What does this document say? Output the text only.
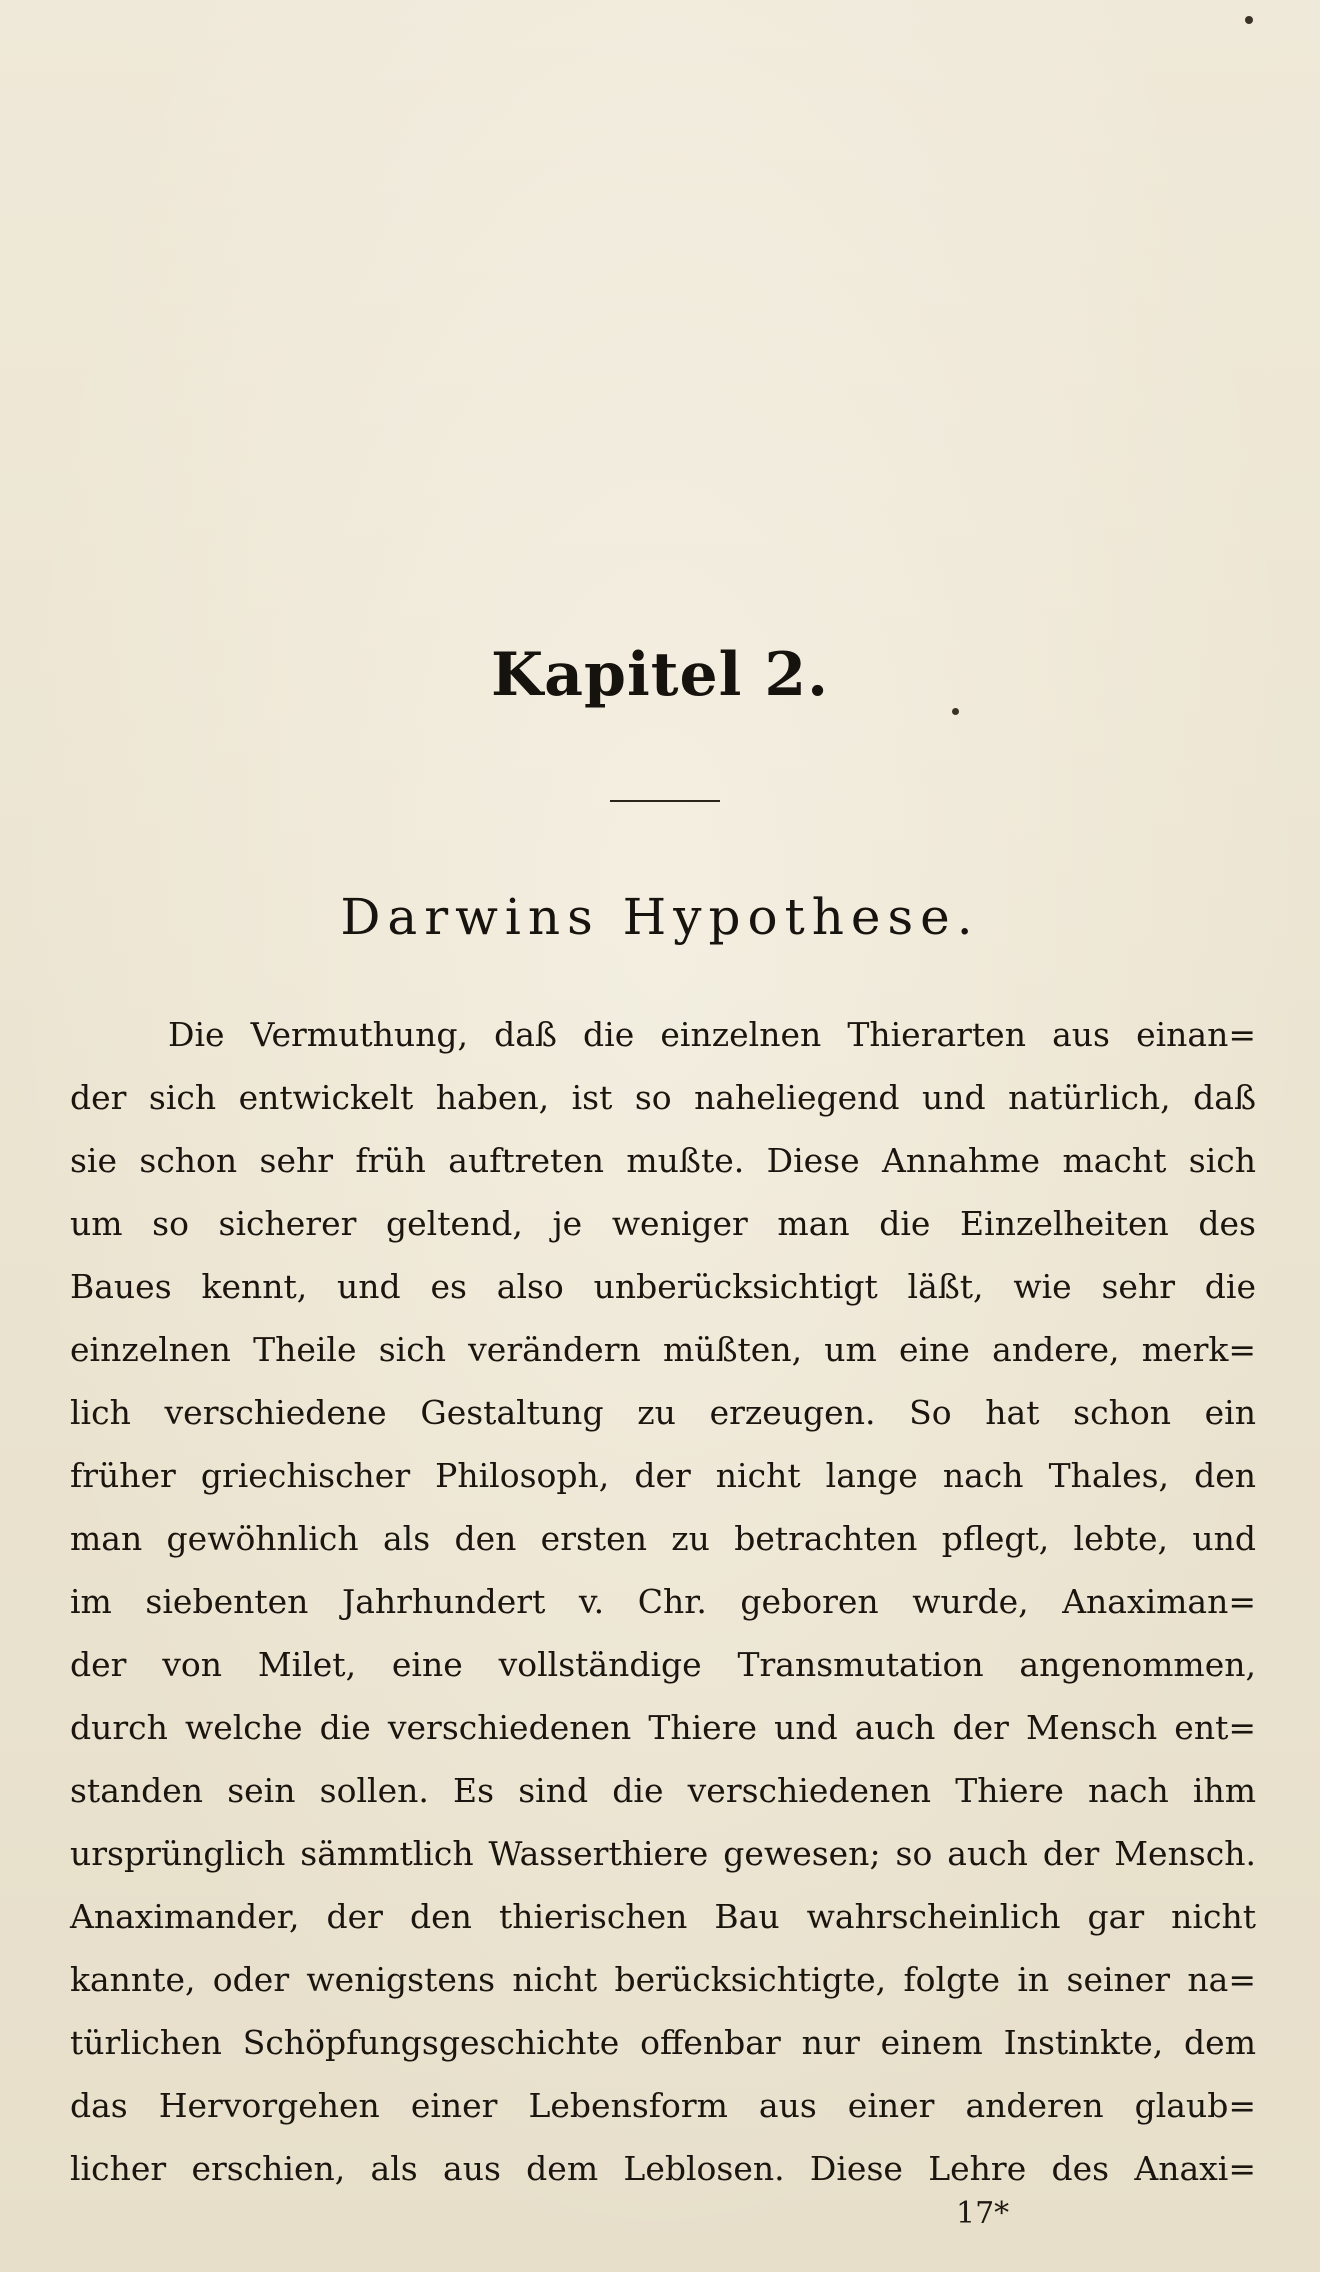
Kapitel 2.
Darwins Hypothese.
Die Vermuthung, daß die einzelnen Thierarten aus einan=
der sich entwickelt haben, ist so naheliegend und natürlich, daß
sie schon sehr früh auftreten mußte. Diese Annahme macht sich
um so sicherer geltend, je weniger man die Einzelheiten des
Baues kennt, und es also unberücksichtigt läßt, wie sehr die
einzelnen Theile sich verändern müßten, um eine andere, merk=
lich verschiedene Gestaltung zu erzeugen. So hat schon ein
früher griechischer Philosoph, der nicht lange nach Thales, den
man gewöhnlich als den ersten zu betrachten pflegt, lebte, und
im siebenten Jahrhundert v. Chr. geboren wurde, Anaximan=
der von Milet, eine vollständige Transmutation angenommen,
durch welche die verschiedenen Thiere und auch der Mensch ent=
standen sein sollen. Es sind die verschiedenen Thiere nach ihm
ursprünglich sämmtlich Wasserthiere gewesen; so auch der Mensch.
Anaximander, der den thierischen Bau wahrscheinlich gar nicht
kannte, oder wenigstens nicht berücksichtigte, folgte in seiner na=
türlichen Schöpfungsgeschichte offenbar nur einem Instinkte, dem
das Hervorgehen einer Lebensform aus einer anderen glaub=
licher erschien, als aus dem Leblosen. Diese Lehre des Anaxi=
17*
